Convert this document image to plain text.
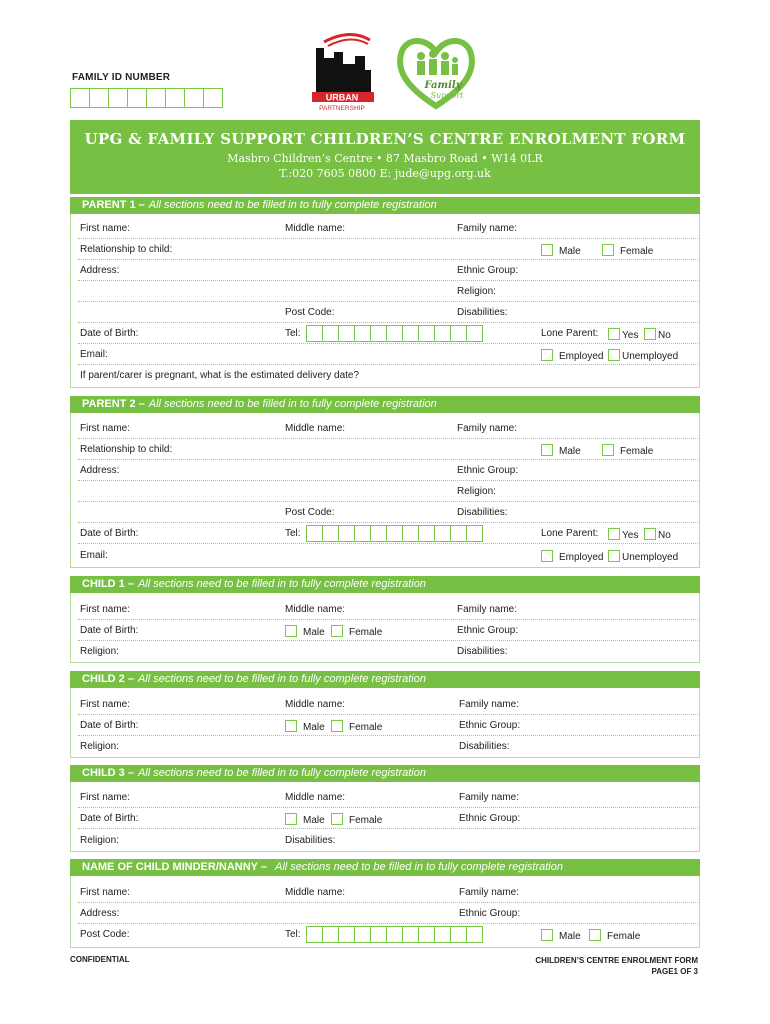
FAMILY ID NUMBER
URBAN
PARTNERSHIP
Family
Support
UPG & FAMILY SUPPORT CHILDREN’S CENTRE ENROLMENT FORM
Masbro Children’s Centre • 87 Masbro Road • W14 0LR
T.:020 7605 0800 E: jude@upg.org.uk
PARENT 1 – All sections need to be filled in to fully complete registration
First name:	Middle name:	Family name:
Relationship to child:	Male	Female
Address:	Ethnic Group:
Religion:
Post Code:	Disabilities:
Date of Birth:	Tel:	Lone Parent:	Yes	No
Email:	Employed	Unemployed
If parent/carer is pregnant, what is the estimated delivery date?
PARENT 2 – All sections need to be filled in to fully complete registration
First name:	Middle name:	Family name:
Relationship to child:	Male	Female
Address:	Ethnic Group:
Religion:
Post Code:	Disabilities:
Date of Birth:	Tel:	Lone Parent:	Yes	No
Email:	Employed	Unemployed
CHILD 1 – All sections need to be filled in to fully complete registration
First name:	Middle name:	Family name:
Date of Birth:	Male	Female	Ethnic Group:
Religion:	Disabilities:
CHILD 2 – All sections need to be filled in to fully complete registration
First name:	Middle name:	Family name:
Date of Birth:	Male	Female	Ethnic Group:
Religion:	Disabilities:
CHILD 3 – All sections need to be filled in to fully complete registration
First name:	Middle name:	Family name:
Date of Birth:	Male	Female	Ethnic Group:
Religion:	Disabilities:
NAME OF CHILD MINDER/NANNY – All sections need to be filled in to fully complete registration
First name:	Middle name:	Family name:
Address:	Ethnic Group:
Post Code:	Tel:	Male	Female
CONFIDENTIAL	CHILDREN’S CENTRE ENROLMENT FORM
PAGE1 OF 3
